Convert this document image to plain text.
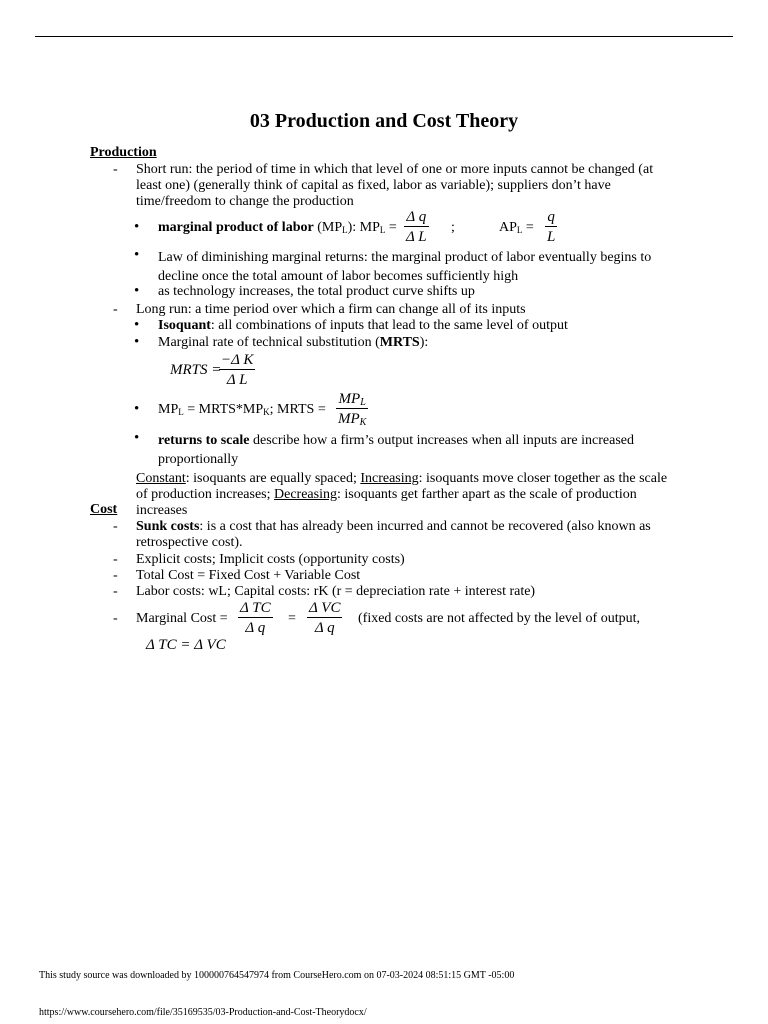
03 Production and Cost Theory
Production
- Short run: the period of time in which that level of one or more inputs cannot be changed (at least one) (generally think of capital as fixed, labor as variable); suppliers don’t have time/freedom to change the production
• marginal product of labor $(MP_L)$: $MP_L = \frac{\text{Δ q}}{\text{Δ L}}$ ;	$AP_L = \frac{q}{L}$
• Law of diminishing marginal returns: the marginal product of labor eventually begins to decline once the total amount of labor becomes sufficiently high
• as technology increases, the total product curve shifts up
- Long run: a time period over which a firm can change all of its inputs
• Isoquant: all combinations of inputs that lead to the same level of output
• Marginal rate of technical substitution (MRTS):
MRTS =
$\frac{\text{−Δ K}}{\text{Δ L}}$
• $MP_L$ = $MRTS*MP_K$; MRTS =
$MP_L$
$MP_K$
• returns to scale describe how a firm’s output increases when all inputs are increased proportionally
Constant: isoquants are equally spaced; Increasing: isoquants move closer together as the scale of production increases; Decreasing: isoquants get farther apart as the scale of production increases
Cost
- Sunk costs: is a cost that has already been incurred and cannot be recovered (also known as retrospective cost).
- Explicit costs; Implicit costs (opportunity costs)
- Total Cost = Fixed Cost + Variable Cost
- Labor costs: wL; Capital costs: rK (r = depreciation rate + interest rate)
- Marginal Cost = $\frac{\text{Δ TC}}{\text{Δ q}} = \frac{\text{Δ VC}}{\text{Δ q}}$ (fixed costs are not affected by the level of output,
Δ TC = Δ VC
This study source was downloaded by 100000764547974 from CourseHero.com on 07-03-2024 08:51:15 GMT -05:00
https://www.coursehero.com/file/35169535/03-Production-and-Cost-Theorydocx/
